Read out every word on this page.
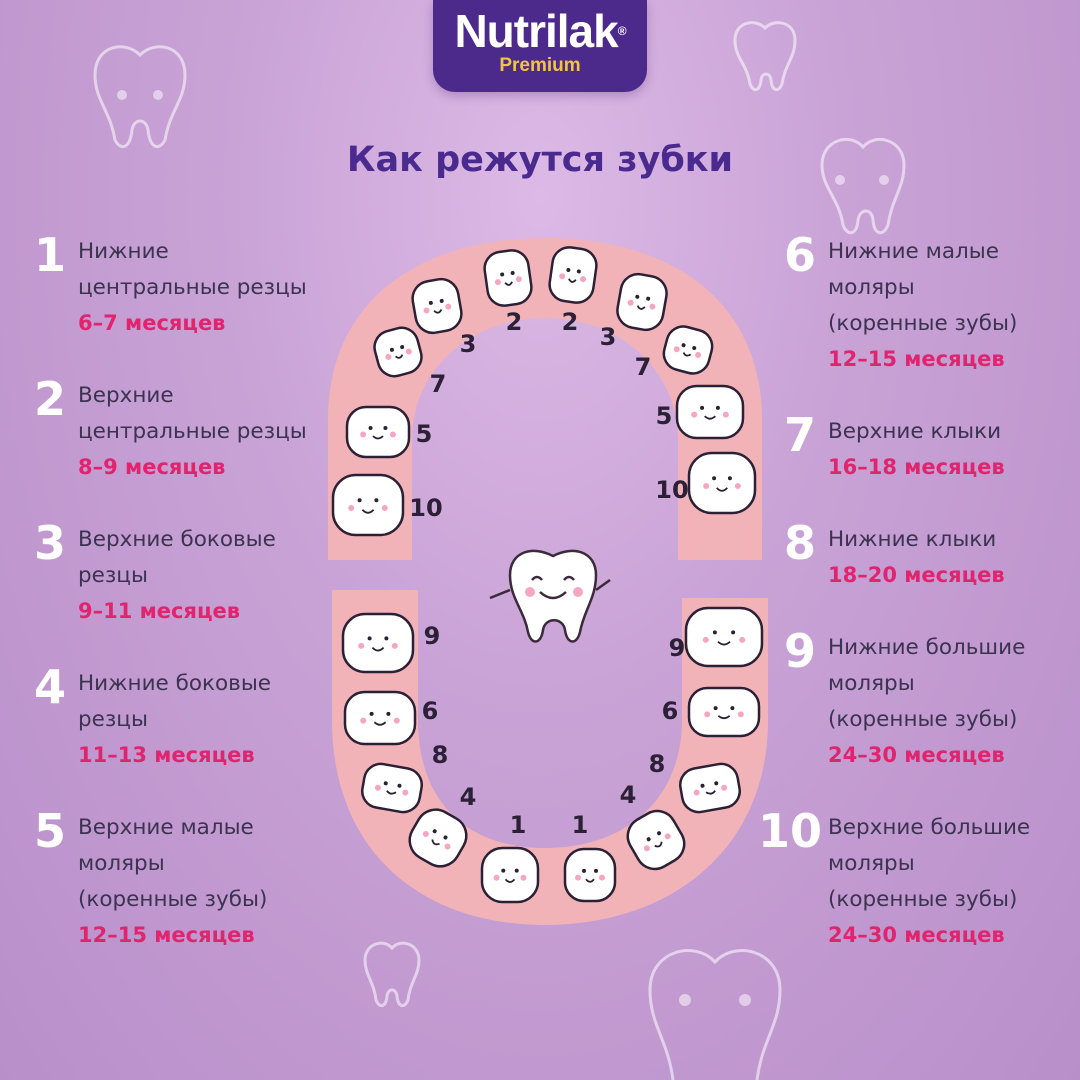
Nutrilak®
Premium
Как режутся зубки
1 Нижние
центральные резцы
6–7 месяцев
2 Верхние
центральные резцы
8–9 месяцев
3 Верхние боковые
резцы
9–11 месяцев
4 Нижние боковые
резцы
11–13 месяцев
5 Верхние малые
моляры
(коренные зубы)
12–15 месяцев
6 Нижние малые
моляры
(коренные зубы)
12–15 месяцев
7 Верхние клыки
16–18 месяцев
8 Нижние клыки
18–20 месяцев
9 Нижние большие
моляры
(коренные зубы)
24–30 месяцев
10 Верхние большие
моляры
(коренные зубы)
24–30 месяцев
2
3
7
5
10
2
3
7
5
10
9
6
8
4
1
9
6
8
4
1
